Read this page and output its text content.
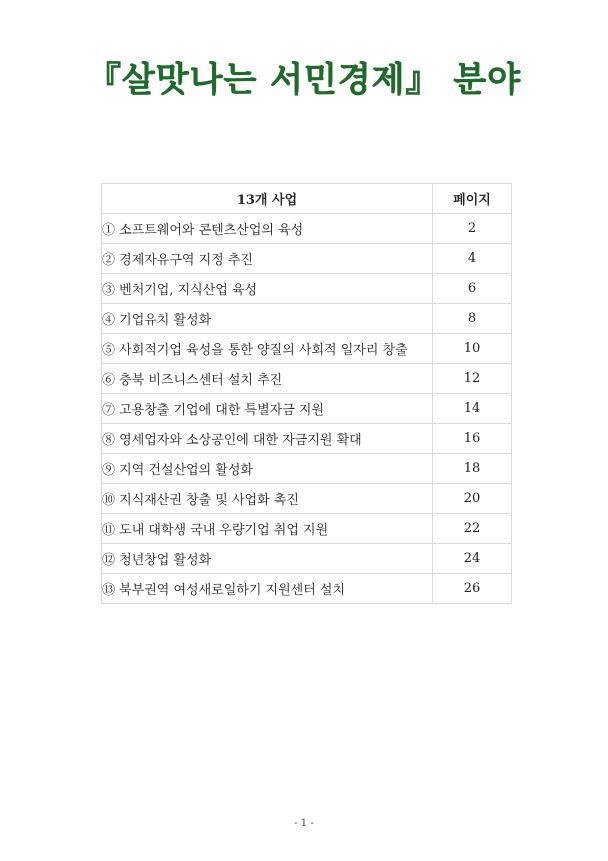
『살맛나는 서민경제』 분야
13개 사업	페이지
① 소프트웨어와 콘텐츠산업의 육성	2
② 경제자유구역 지정 추진	4
③ 벤처기업, 지식산업 육성	6
④ 기업유치 활성화	8
⑤ 사회적기업 육성을 통한 양질의 사회적 일자리 창출	10
⑥ 충북 비즈니스센터 설치 추진	12
⑦ 고용창출 기업에 대한 특별자금 지원	14
⑧ 영세업자와 소상공인에 대한 자금지원 확대	16
⑨ 지역 건설산업의 활성화	18
⑩ 지식재산권 창출 및 사업화 촉진	20
⑪ 도내 대학생 국내 우량기업 취업 지원	22
⑫ 청년창업 활성화	24
⑬ 북부권역 여성새로일하기 지원센터 설치	26
- 1 -
